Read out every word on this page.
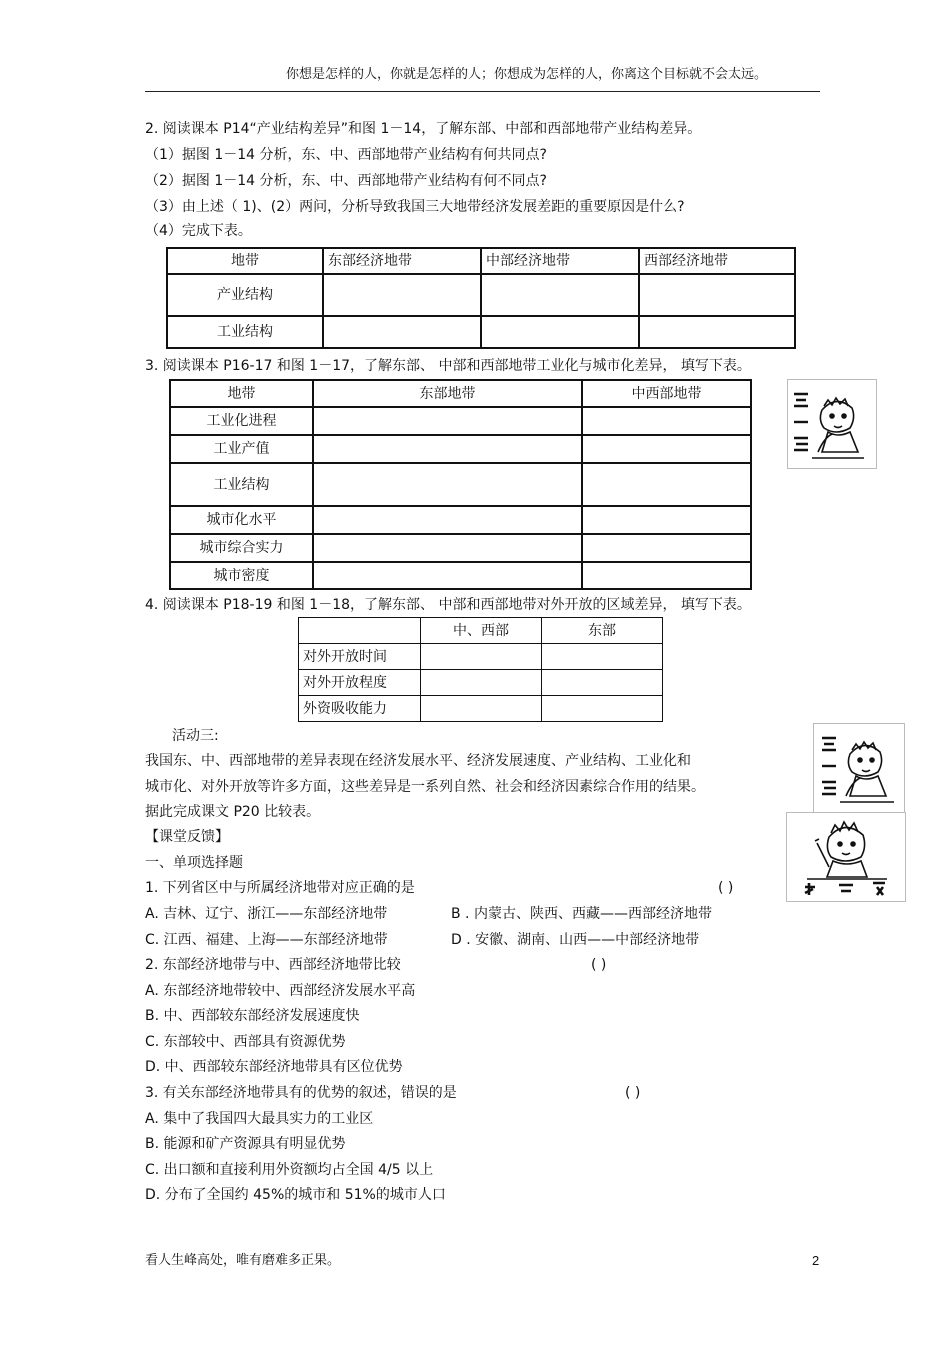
你想是怎样的人，你就是怎样的人；你想成为怎样的人，你离这个目标就不会太远。
2. 阅读课本 P14“产业结构差异”和图 1－14，了解东部、中部和西部地带产业结构差异。
（1）据图 1－14 分析，东、中、西部地带产业结构有何共同点?
（2）据图 1－14 分析，东、中、西部地带产业结构有何不同点?
（3）由上述（ 1)、(2）两问，分析导致我国三大地带经济发展差距的重要原因是什么?
（4）完成下表。
地带	东部经济地带	中部经济地带	西部经济地带
产业结构			
工业结构			
3. 阅读课本 P16-17 和图 1－17，了解东部、 中部和西部地带工业化与城市化差异， 填写下表。
地带	东部地带	中西部地带
工业化进程		
工业产值		
工业结构		
城市化水平		
城市综合实力		
城市密度		
4. 阅读课本 P18-19 和图 1－18，了解东部、 中部和西部地带对外开放的区域差异， 填写下表。
	中、西部	东部
对外开放时间		
对外开放程度		
外资吸收能力		
活动三:
我国东、中、西部地带的差异表现在经济发展水平、经济发展速度、产业结构、工业化和
城市化、对外开放等许多方面，这些差异是一系列自然、社会和经济因素综合作用的结果。
据此完成课文 P20 比较表。
【课堂反馈】
一、单项选择题
1. 下列省区中与所属经济地带对应正确的是	( )
A. 吉林、辽宁、浙江——东部经济地带	B . 内蒙古、陕西、西藏——西部经济地带
C. 江西、福建、上海——东部经济地带	D . 安徽、湖南、山西——中部经济地带
2. 东部经济地带与中、西部经济地带比较	( )
A. 东部经济地带较中、西部经济发展水平高
B. 中、西部较东部经济发展速度快
C. 东部较中、西部具有资源优势
D. 中、西部较东部经济地带具有区位优势
3. 有关东部经济地带具有的优势的叙述，错误的是	( )
A. 集中了我国四大最具实力的工业区
B. 能源和矿产资源具有明显优势
C. 出口额和直接利用外资额均占全国 4/5 以上
D. 分布了全国约 45%的城市和 51%的城市人口
看人生峰高处，唯有磨难多正果。	2
